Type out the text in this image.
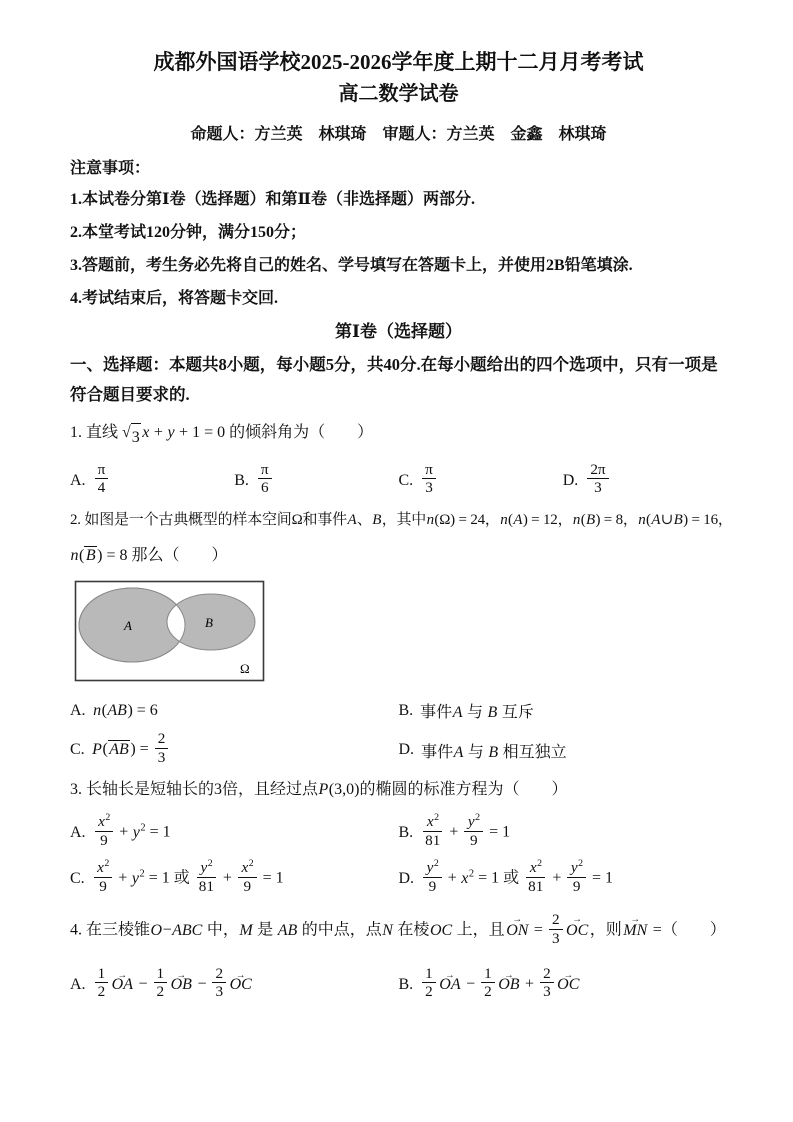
成都外国语学校2025-2026学年度上期十二月月考考试
高二数学试卷

命题人：方兰英　林琪琦　审题人：方兰英　金鑫　林琪琦

注意事项：

1.本试卷分第Ⅰ卷（选择题）和第Ⅱ卷（非选择题）两部分.

2.本堂考试120分钟，满分150分；

3.答题前，考生务必先将自己的姓名、学号填写在答题卡上，并使用2B铅笔填涂.

4.考试结束后，将答题卡交回.

第Ⅰ卷（选择题）

一、选择题：本题共8小题，每小题5分，共40分.在每小题给出的四个选项中，只有一项是符合题目要求的.

1. 直线 √ 3 x + y + 1 = 0 的倾斜角为（　　）

A. $\frac{\pi}{4}$	B. $\frac{\pi}{6}$	C. $\frac{\pi}{3}$	D. $\frac{2\pi}{3}$

2. 如图是一个古典概型的样本空间Ω和事件A、B，其中n(Ω) = 24，n(A) = 12，n(B) = 8，n(A∪B) = 16，

n(B) = 8 那么（　　）

A	B
Ω
A. n(AB) = 6	B. 事件A 与 B 互斥
C. $P(AB) = \frac{2}{3}$	D. 事件A 与 B 相互独立

3. 长轴长是短轴长的3倍，且经过点P(3,0)的椭圆的标准方程为（　　）

A. $\frac{x^2}{9} + y^2 = 1$	B. $\frac{x^2}{81} + \frac{y^2}{9} = 1$
C. $\frac{x^2}{9} + y^2 = 1$ 或 $\frac{y^2}{81} + \frac{x^2}{9} = 1$	D. $\frac{y^2}{9} + x^2 = 1$ 或 $\frac{x^2}{81} + \frac{y^2}{9} = 1$

4. 在三棱锥O−ABC 中，M 是 AB 的中点，点N 在棱OC 上，且ON → = $\frac{2}{3}$ OC →，则MN → =（　　）

A. $\frac{1}{2}$ OA → − $\frac{1}{2}$ OB → − $\frac{2}{3}$ OC →	B. $\frac{1}{2}$ OA → − $\frac{1}{2}$ OB → + $\frac{2}{3}$ OC →
